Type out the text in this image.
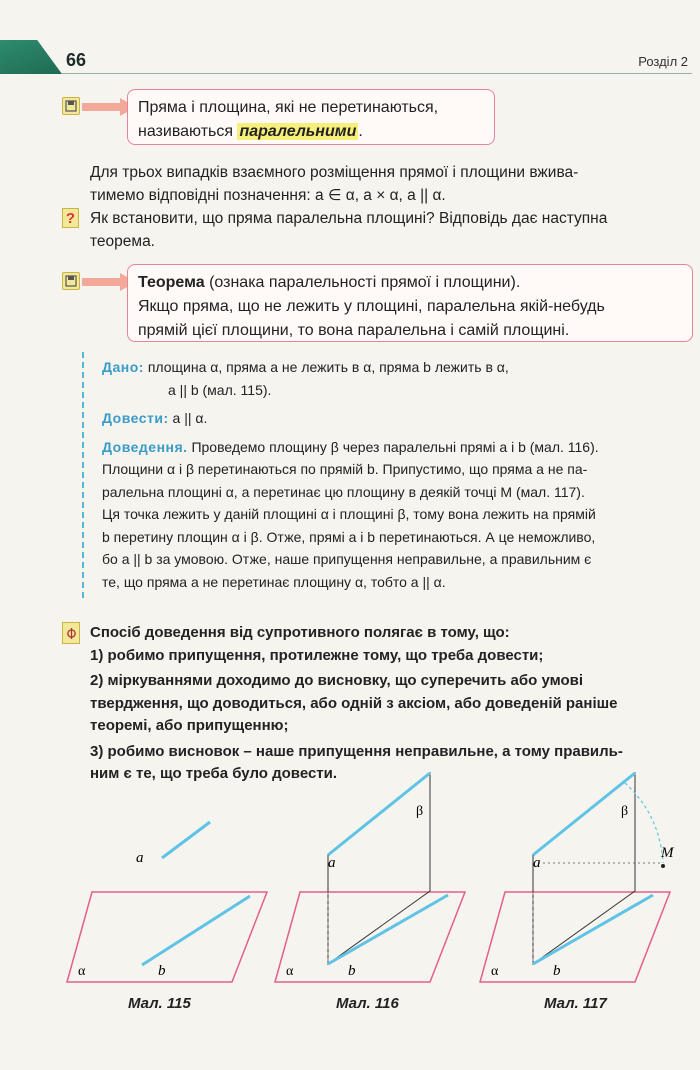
66	Розділ 2
Пряма і площина, які не перетинаються,
називаються паралельними .
Для трьох випадків взаємного розміщення прямої і площини вжива-
тимемо відповідні позначення: a ∈ α, a × α, a || α.
? Як встановити, що пряма паралельна площині? Відповідь дає наступна
теорема.
Теорема (ознака паралельності прямої і площини).
Якщо пряма, що не лежить у площині, паралельна якій-небудь
прямій цієї площини, то вона паралельна і самій площині.
Дано: площина α, пряма a не лежить в α, пряма b лежить в α,
a || b (мал. 115).
Довести: a || α.
Доведення. Проведемо площину β через паралельні прямі a і b (мал. 116).
Площини α і β перетинаються по прямій b. Припустимо, що пряма a не па-
ралельна площині α, а перетинає цю площину в деякій точці M (мал. 117).
Ця точка лежить у даній площині α і площині β, тому вона лежить на прямій
b перетину площин α і β. Отже, прямі a і b перетинаються. А це неможливо,
бо a || b за умовою. Отже, наше припущення неправильне, а правильним є
те, що пряма a не перетинає площину α, тобто a || α.
Спосіб доведення від супротивного полягає в тому, що:
1) робимо припущення, протилежне тому, що треба довести;
2) міркуваннями доходимо до висновку, що суперечить або умові
твердження, що доводиться, або одній з аксіом, або доведеній раніше
теоремі, або припущенню;
3) робимо висновок – наше припущення неправильне, а тому правиль-
ним є те, що треба було довести.
a
b
α
Мал. 115
a
b
α
β
Мал. 116
a
b
α
β
M
Мал. 117
